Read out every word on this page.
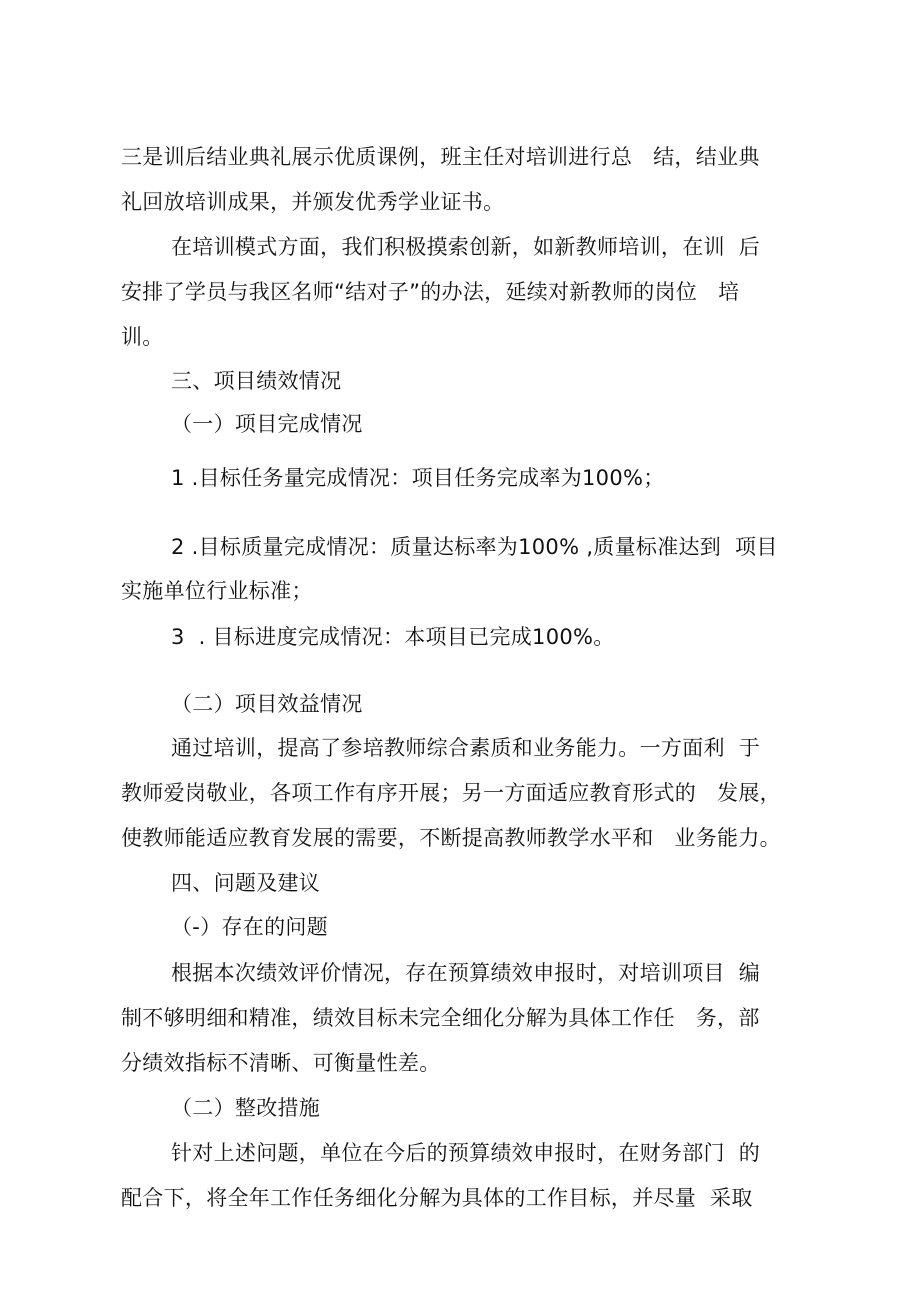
三是训后结业典礼展示优质课例，班主任对培训进行总   结，结业典
礼回放培训成果，并颁发优秀学业证书。
在培训模式方面，我们积极摸索创新，如新教师培训，在训  后
安排了学员与我区名师“结对子”的办法，延续对新教师的岗位   培
训。
三、项目绩效情况
（一）项目完成情况
1 .目标任务量完成情况：项目任务完成率为100%；
2 .目标质量完成情况：质量达标率为100% ,质量标准达到  项目
实施单位行业标准；
3  . 目标进度完成情况：本项目已完成100%。
（二）项目效益情况
通过培训，提高了参培教师综合素质和业务能力。一方面利  于
教师爱岗敬业，各项工作有序开展；另一方面适应教育形式的   发展，
使教师能适应教育发展的需要，不断提高教师教学水平和   业务能力。
四、问题及建议
（-）存在的问题
根据本次绩效评价情况，存在预算绩效申报时，对培训项目  编
制不够明细和精准，绩效目标未完全细化分解为具体工作任   务，部
分绩效指标不清晰、可衡量性差。
（二）整改措施
针对上述问题，单位在今后的预算绩效申报时，在财务部门  的
配合下，将全年工作任务细化分解为具体的工作目标，并尽量  采取
